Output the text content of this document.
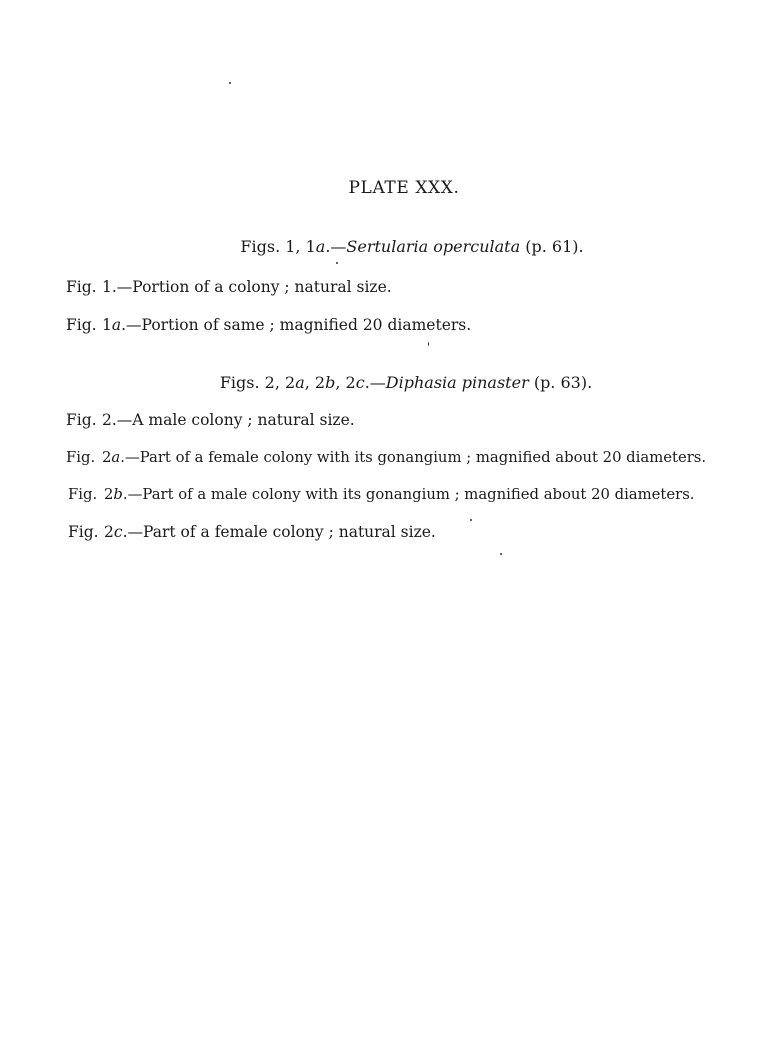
PLATE XXX.
Figs. 1, 1a.—Sertularia operculata (p. 61).
Fig. 1.—Portion of a colony ; natural size.
Fig. 1a.—Portion of same ; magnified 20 diameters.
Figs. 2, 2a, 2b, 2c.—Diphasia pinaster (p. 63).
Fig. 2.—A male colony ; natural size.
Fig. 2a.—Part of a female colony with its gonangium ; magnified about 20 diameters.
Fig. 2b.—Part of a male colony with its gonangium ; magnified about 20 diameters.
Fig. 2c.—Part of a female colony ; natural size.
